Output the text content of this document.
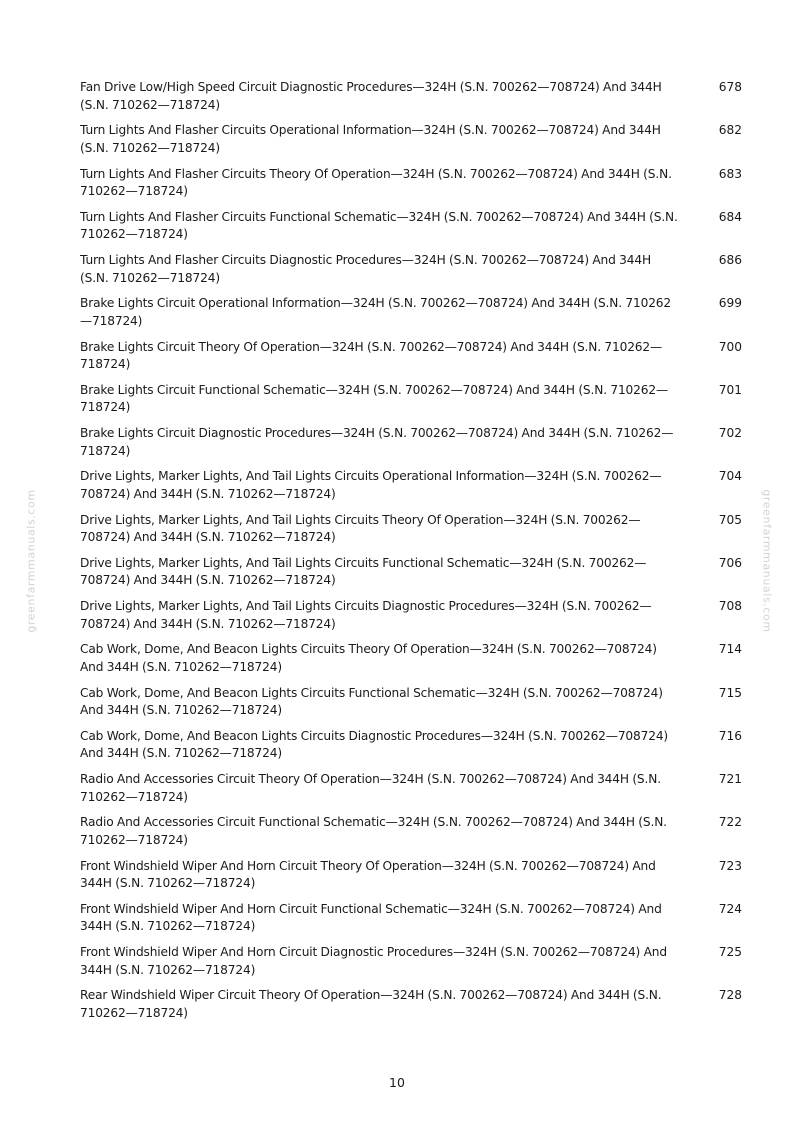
greenfarmmanuals.com	greenfarmmanuals.com
Fan Drive Low/High Speed Circuit Diagnostic Procedures—324H (S.N. 700262—708724) And 344H (S.N. 710262—718724)
678
Turn Lights And Flasher Circuits Operational Information—324H (S.N. 700262—708724) And 344H (S.N. 710262—718724)
682
Turn Lights And Flasher Circuits Theory Of Operation—324H (S.N. 700262—708724) And 344H (S.N. 710262—718724)
683
Turn Lights And Flasher Circuits Functional Schematic—324H (S.N. 700262—708724) And 344H (S.N. 710262—718724)
684
Turn Lights And Flasher Circuits Diagnostic Procedures—324H (S.N. 700262—708724) And 344H (S.N. 710262—718724)
686
Brake Lights Circuit Operational Information—324H (S.N. 700262—708724) And 344H (S.N. 710262—718724)
699
Brake Lights Circuit Theory Of Operation—324H (S.N. 700262—708724) And 344H (S.N. 710262—718724)
700
Brake Lights Circuit Functional Schematic—324H (S.N. 700262—708724) And 344H (S.N. 710262—718724)
701
Brake Lights Circuit Diagnostic Procedures—324H (S.N. 700262—708724) And 344H (S.N. 710262—718724)
702
Drive Lights, Marker Lights, And Tail Lights Circuits Operational Information—324H (S.N. 700262—708724) And 344H (S.N. 710262—718724)
704
Drive Lights, Marker Lights, And Tail Lights Circuits Theory Of Operation—324H (S.N. 700262—708724) And 344H (S.N. 710262—718724)
705
Drive Lights, Marker Lights, And Tail Lights Circuits Functional Schematic—324H (S.N. 700262—708724) And 344H (S.N. 710262—718724)
706
Drive Lights, Marker Lights, And Tail Lights Circuits Diagnostic Procedures—324H (S.N. 700262—708724) And 344H (S.N. 710262—718724)
708
Cab Work, Dome, And Beacon Lights Circuits Theory Of Operation—324H (S.N. 700262—708724) And 344H (S.N. 710262—718724)
714
Cab Work, Dome, And Beacon Lights Circuits Functional Schematic—324H (S.N. 700262—708724) And 344H (S.N. 710262—718724)
715
Cab Work, Dome, And Beacon Lights Circuits Diagnostic Procedures—324H (S.N. 700262—708724) And 344H (S.N. 710262—718724)
716
Radio And Accessories Circuit Theory Of Operation—324H (S.N. 700262—708724) And 344H (S.N. 710262—718724)
721
Radio And Accessories Circuit Functional Schematic—324H (S.N. 700262—708724) And 344H (S.N. 710262—718724)
722
Front Windshield Wiper And Horn Circuit Theory Of Operation—324H (S.N. 700262—708724) And 344H (S.N. 710262—718724)
723
Front Windshield Wiper And Horn Circuit Functional Schematic—324H (S.N. 700262—708724) And 344H (S.N. 710262—718724)
724
Front Windshield Wiper And Horn Circuit Diagnostic Procedures—324H (S.N. 700262—708724) And 344H (S.N. 710262—718724)
725
Rear Windshield Wiper Circuit Theory Of Operation—324H (S.N. 700262—708724) And 344H (S.N. 710262—718724)
728
10
